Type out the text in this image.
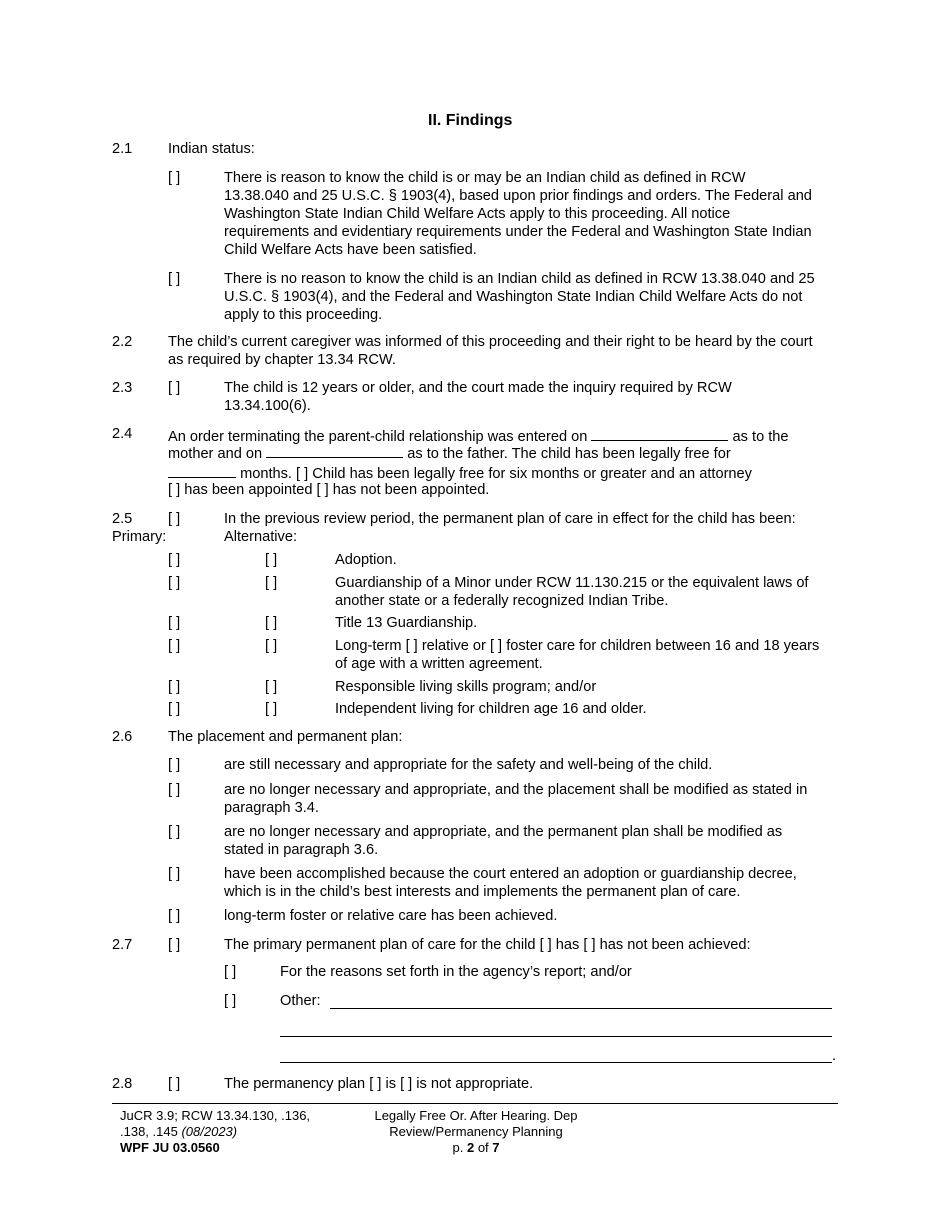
II. Findings
2.1 Indian status:
[ ]	There is reason to know the child is or may be an Indian child as defined in RCW 13.38.040 and 25 U.S.C. § 1903(4), based upon prior findings and orders. The Federal and Washington State Indian Child Welfare Acts apply to this proceeding. All notice requirements and evidentiary requirements under the Federal and Washington State Indian Child Welfare Acts have been satisfied.
[ ]	There is no reason to know the child is an Indian child as defined in RCW 13.38.040 and 25 U.S.C. § 1903(4), and the Federal and Washington State Indian Child Welfare Acts do not apply to this proceeding.
2.2 The child’s current caregiver was informed of this proceeding and their right to be heard by the court as required by chapter 13.34 RCW.
2.3 [ ]	The child is 12 years or older, and the court made the inquiry required by RCW 13.34.100(6).
2.4 An order terminating the parent-child relationship was entered on	as to the
mother and on	as to the father. The child has been legally free for
months. [ ] Child has been legally free for six months or greater and an attorney
[ ] has been appointed [ ] has not been appointed.
2.5 [ ]	In the previous review period, the permanent plan of care in effect for the child has been:
Primary:	Alternative:
[ ]	[ ]	Adoption.
[ ]	[ ]	Guardianship of a Minor under RCW 11.130.215 or the equivalent laws of another state or a federally recognized Indian Tribe.
[ ]	[ ]	Title 13 Guardianship.
[ ]	[ ]	Long-term [ ] relative or [ ] foster care for children between 16 and 18 years of age with a written agreement.
[ ]	[ ]	Responsible living skills program; and/or
[ ]	[ ]	Independent living for children age 16 and older.
2.6 The placement and permanent plan:
[ ]	are still necessary and appropriate for the safety and well-being of the child.
[ ]	are no longer necessary and appropriate, and the placement shall be modified as stated in paragraph 3.4.
[ ]	are no longer necessary and appropriate, and the permanent plan shall be modified as stated in paragraph 3.6.
[ ]	have been accomplished because the court entered an adoption or guardianship decree, which is in the child’s best interests and implements the permanent plan of care.
[ ]	long-term foster or relative care has been achieved.
2.7 [ ]	The primary permanent plan of care for the child [ ] has [ ] has not been achieved:
[ ]	For the reasons set forth in the agency’s report; and/or
[ ]	Other:
.
2.8 [ ]	The permanency plan [ ] is [ ] is not appropriate.
JuCR 3.9; RCW 13.34.130, .136,
.138, .145 (08/2023)
WPF JU 03.0560
Legally Free Or. After Hearing. Dep
Review/Permanency Planning
p. 2 of 7
